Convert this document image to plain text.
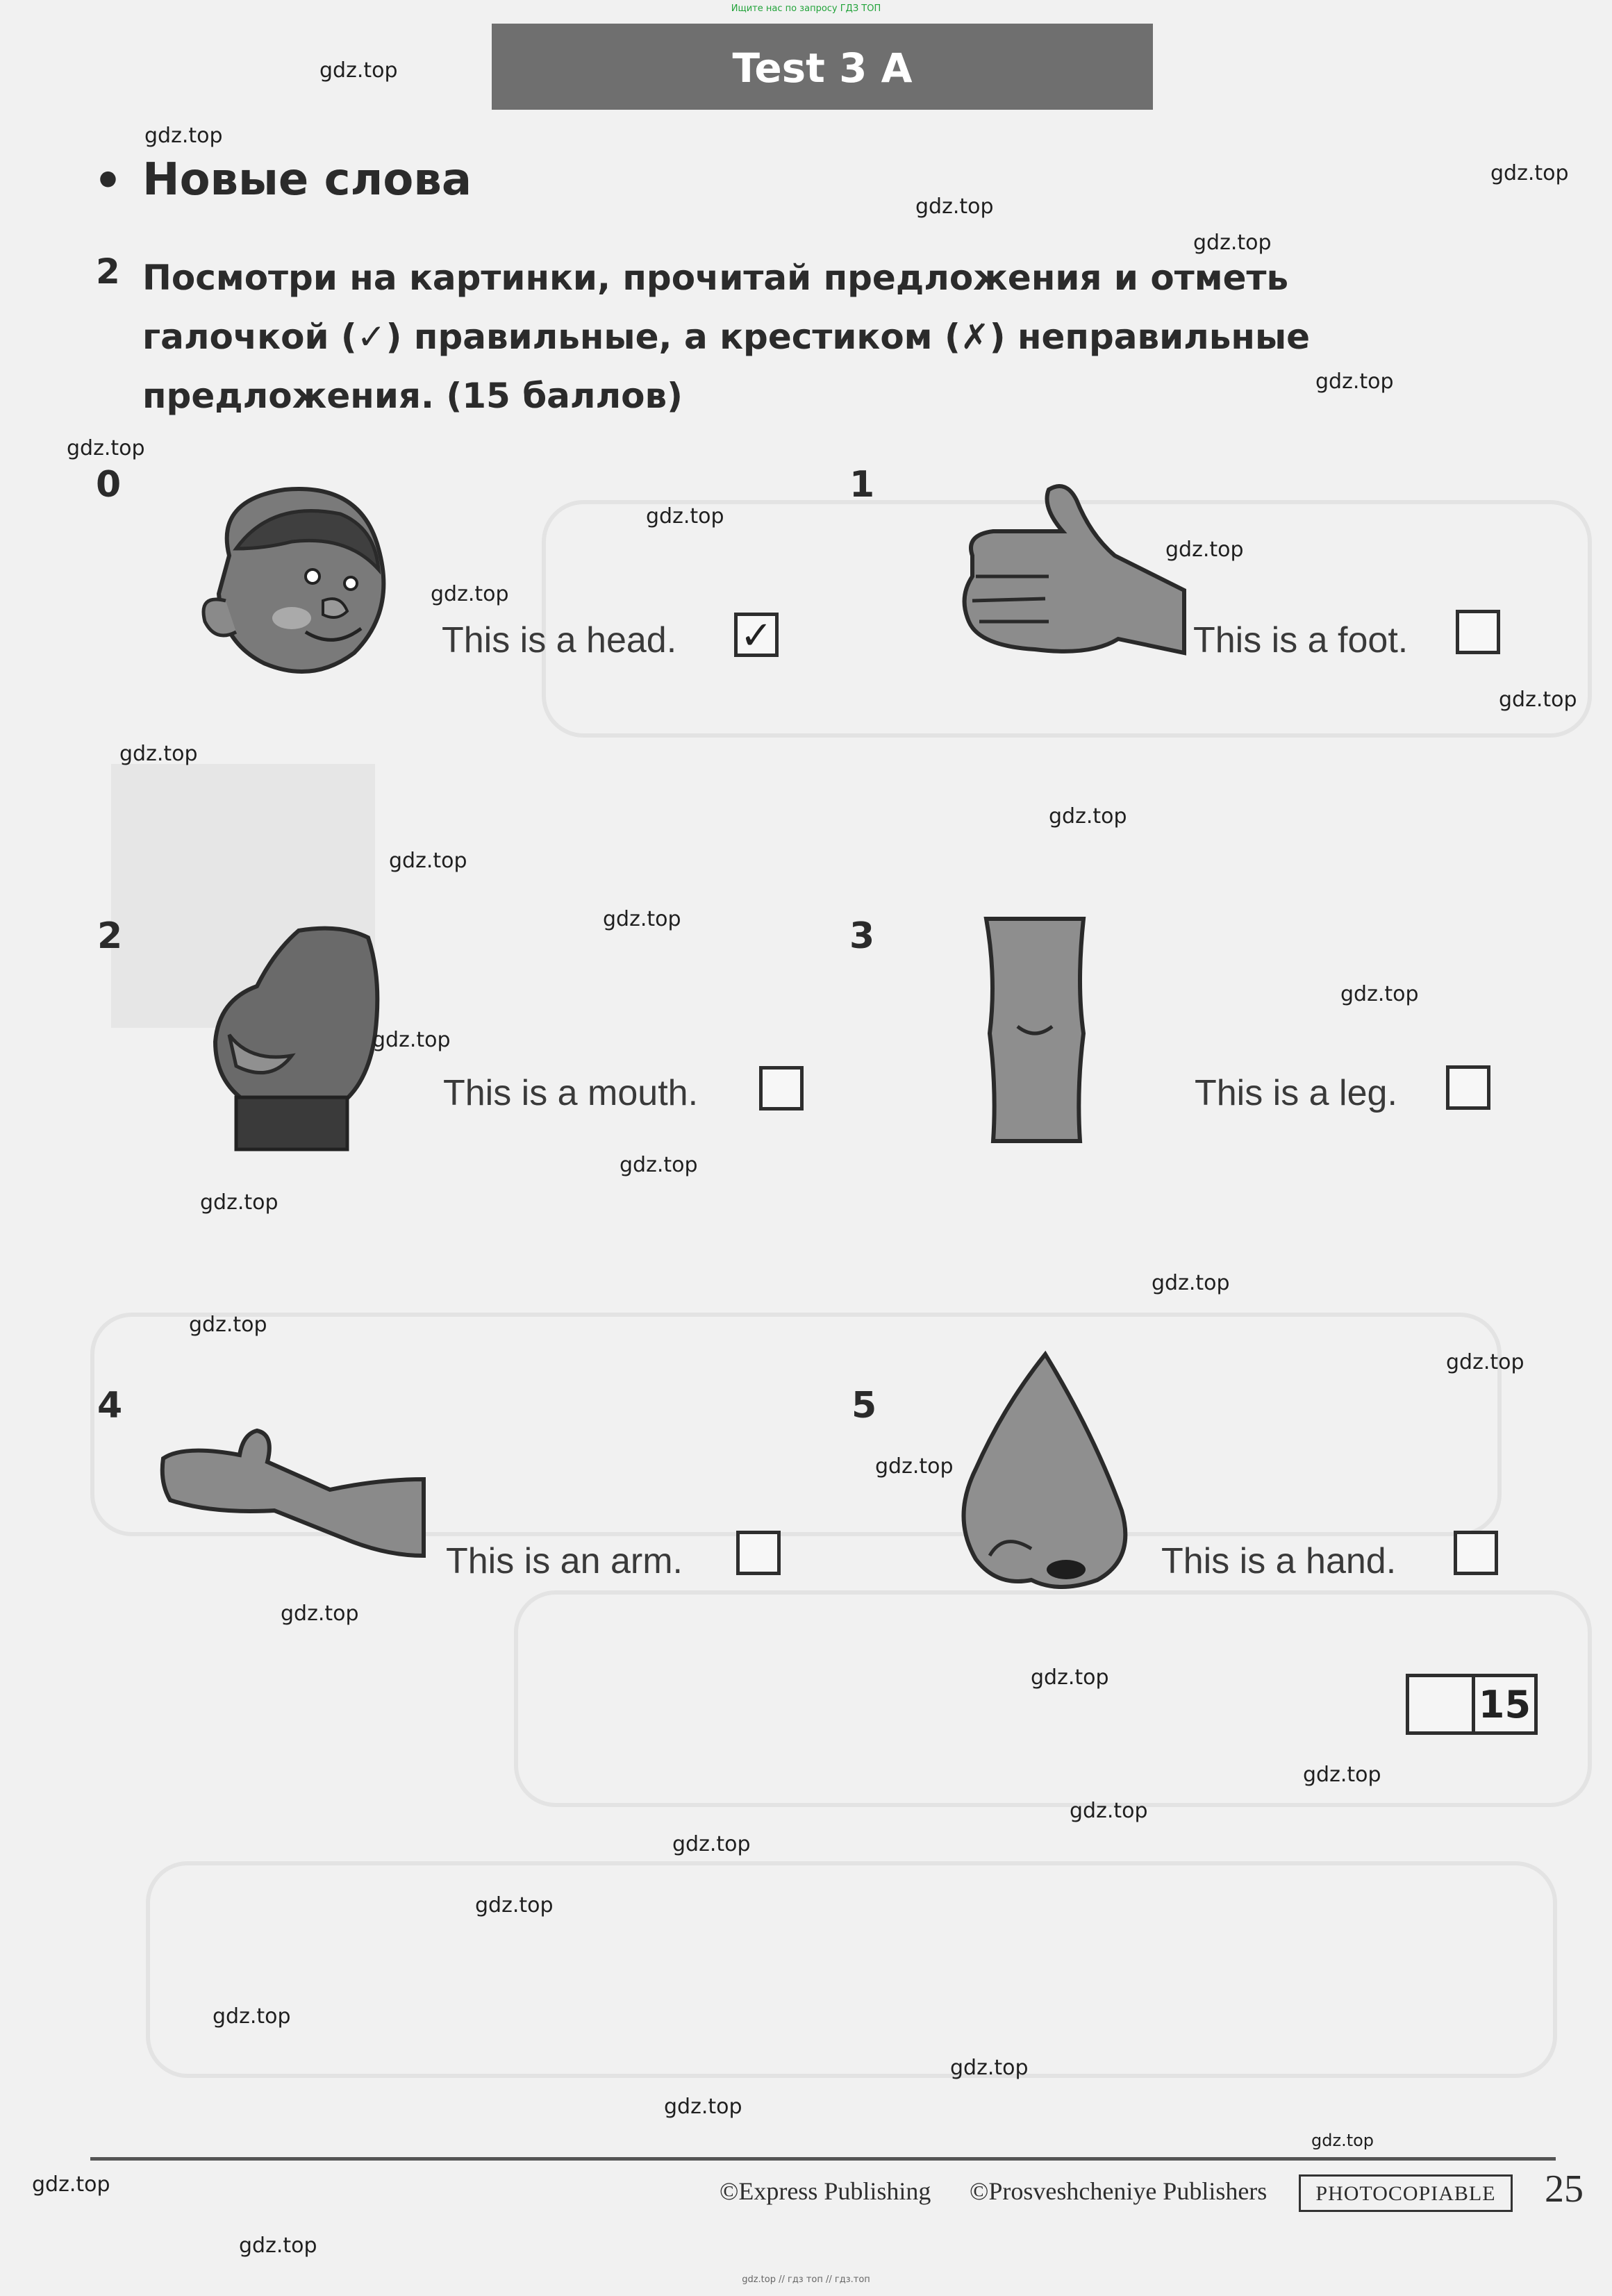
Ищите нас по запросу ГДЗ ТОП
gdz.top // гдз топ // гдз.топ
Test 3 A
• Новые слова
2 Посмотри на картинки, прочитай предложения и отметь
галочкой (✓) правильные, а крестиком (✗) неправильные
предложения. (15 баллов)
0
This is a head. ✓
1
This is a foot.
2
This is a mouth.
3
This is a leg.
4
This is an arm.
5
This is a hand.
15
©Express Publishing ©Prosveshcheniye Publishers	PHOTOCOPIABLE	25
gdz.top
gdz.top
gdz.top
gdz.top
gdz.top
gdz.top
gdz.top
gdz.top
gdz.top
gdz.top
gdz.top
gdz.top
gdz.top
gdz.top
gdz.top
gdz.top
gdz.top
gdz.top
gdz.top
gdz.top
gdz.top
gdz.top
gdz.top
gdz.top
gdz.top
gdz.top
gdz.top
gdz.top
gdz.top
gdz.top
gdz.top
gdz.top
gdz.top
gdz.top
gdz.top
